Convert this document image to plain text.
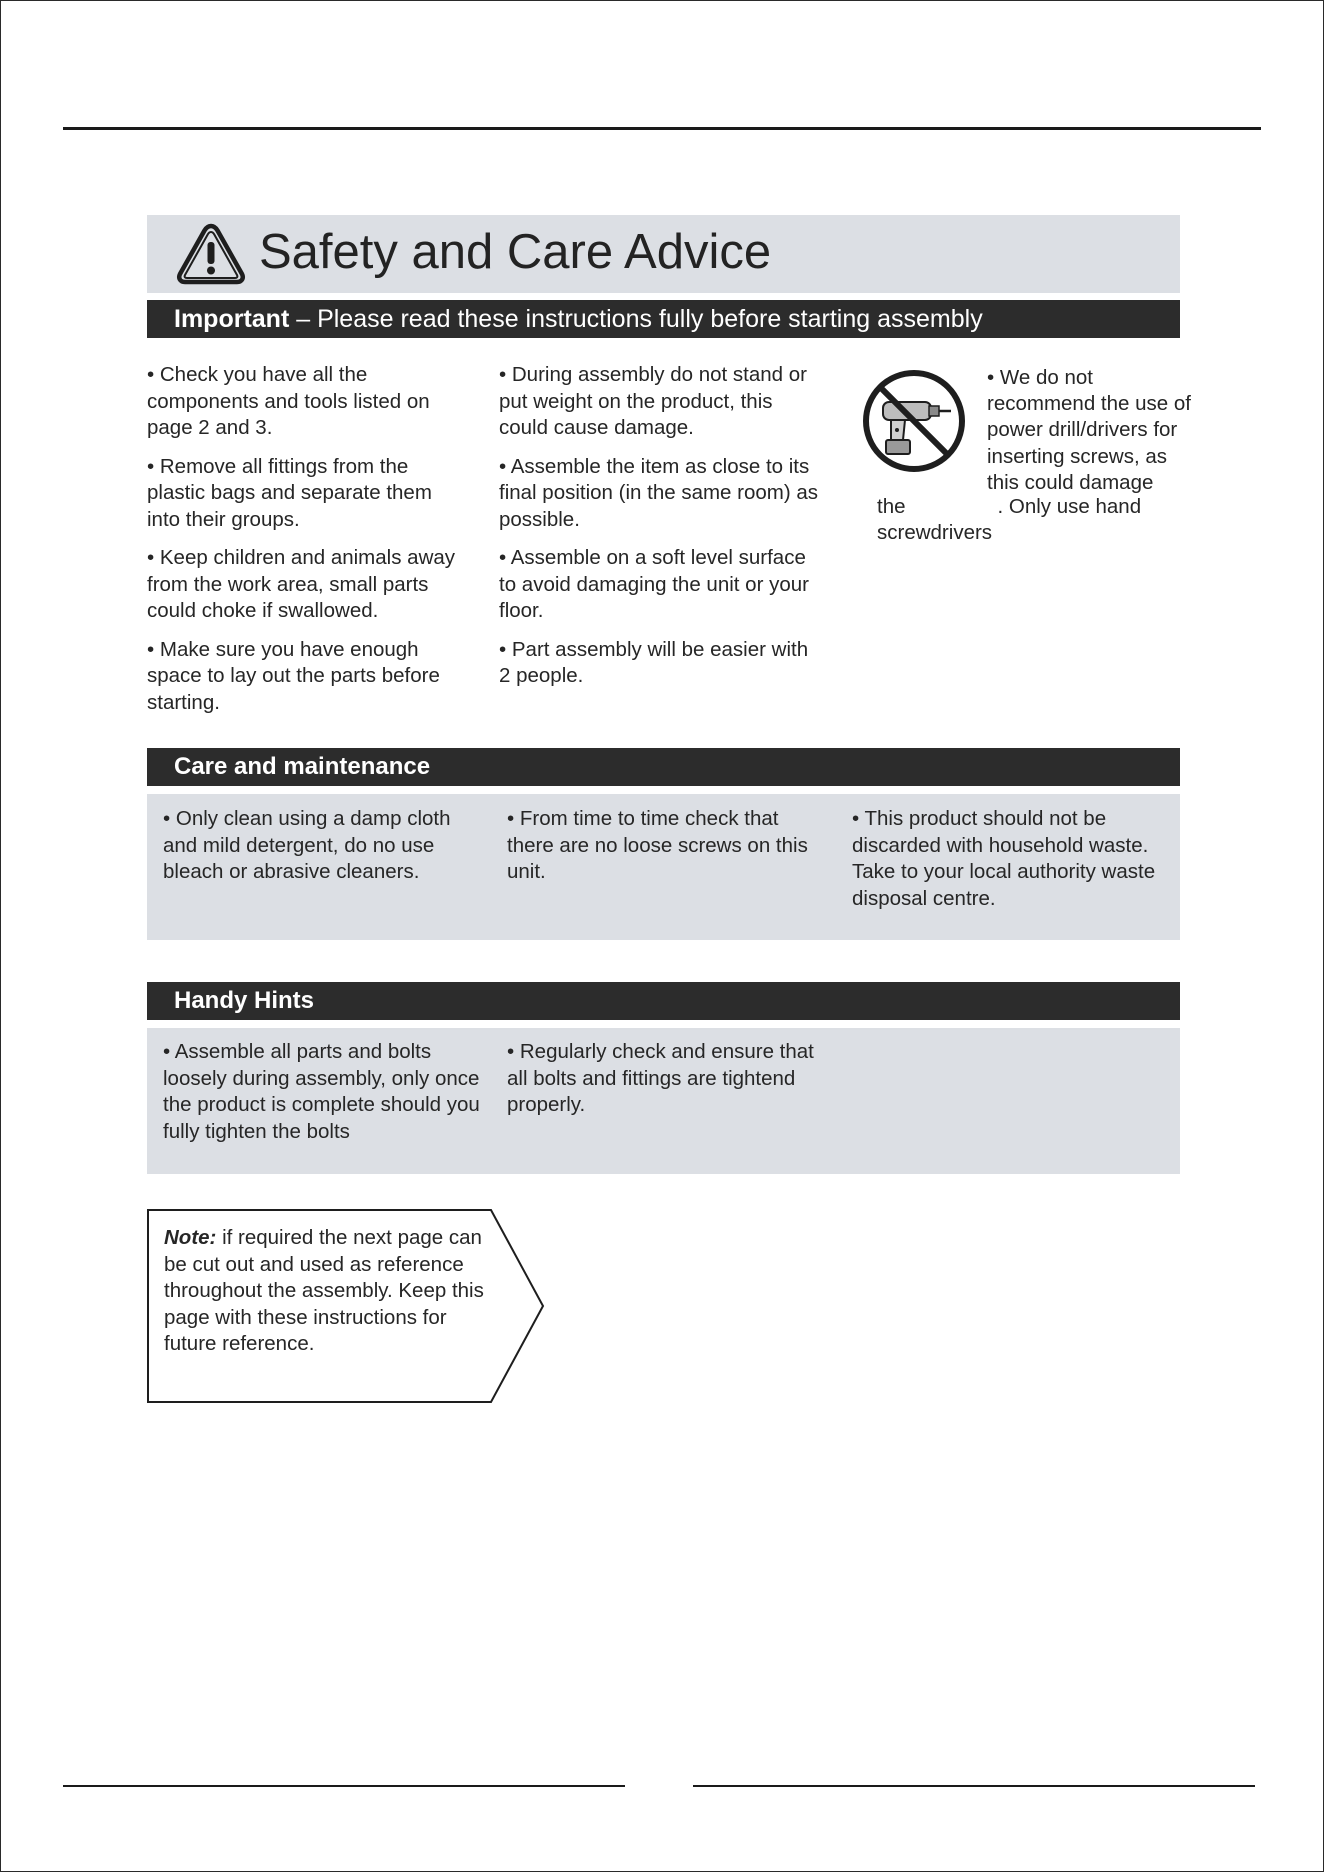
Safety and Care Advice
Important – Please read these instructions fully before starting assembly

• Check you have all the components and tools listed on page 2 and 3.

• Remove all fittings from the plastic bags and separate them into their groups.

• Keep children and animals away from the work area, small parts could choke if swallowed.

• Make sure you have enough space to lay out the parts before starting.

• During assembly do not stand or put weight on the product, this could cause damage.

• Assemble the item as close to its final position (in the same room) as possible.

• Assemble on a soft level surface to avoid damaging the unit or your floor.

• Part assembly will be easier with 2 people.

• We do not recommend the use of power drill/drivers for inserting screws, as this could damage
the	. Only use hand screwdrivers
Care and maintenance
• Only clean using a damp cloth and mild detergent, do no use bleach or abrasive cleaners.
• From time to time check that there are no loose screws on this unit.
• This product should not be discarded with household waste. Take to your local authority waste disposal centre.
Handy Hints
• Assemble all parts and bolts loosely during assembly, only once the product is complete should you fully tighten the bolts
• Regularly check and ensure that all bolts and fittings are tightend properly.
Note: if required the next page can be cut out and used as reference throughout the assembly. Keep this page with these instructions for future reference.
